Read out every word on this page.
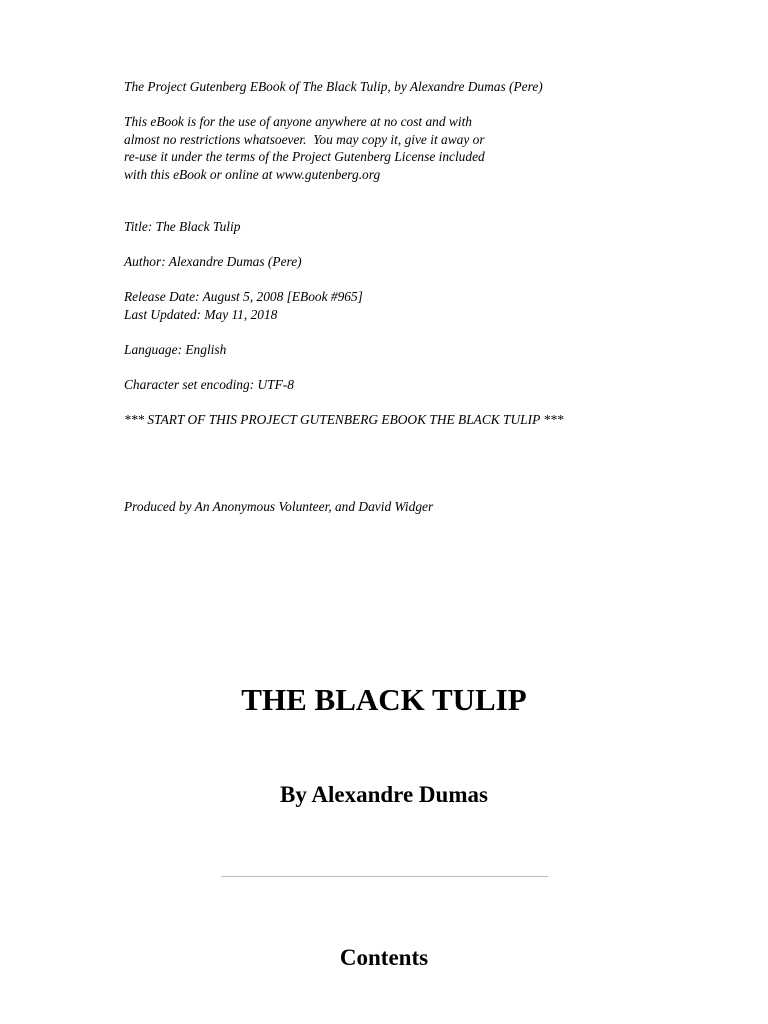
The Project Gutenberg EBook of The Black Tulip, by Alexandre Dumas (Pere)
This eBook is for the use of anyone anywhere at no cost and with
almost no restrictions whatsoever.  You may copy it, give it away or
re-use it under the terms of the Project Gutenberg License included
with this eBook or online at www.gutenberg.org
Title: The Black Tulip
Author: Alexandre Dumas (Pere)
Release Date: August 5, 2008 [EBook #965]
Last Updated: May 11, 2018
Language: English
Character set encoding: UTF-8
*** START OF THIS PROJECT GUTENBERG EBOOK THE BLACK TULIP ***
Produced by An Anonymous Volunteer, and David Widger
THE BLACK TULIP
By Alexandre Dumas
Contents
